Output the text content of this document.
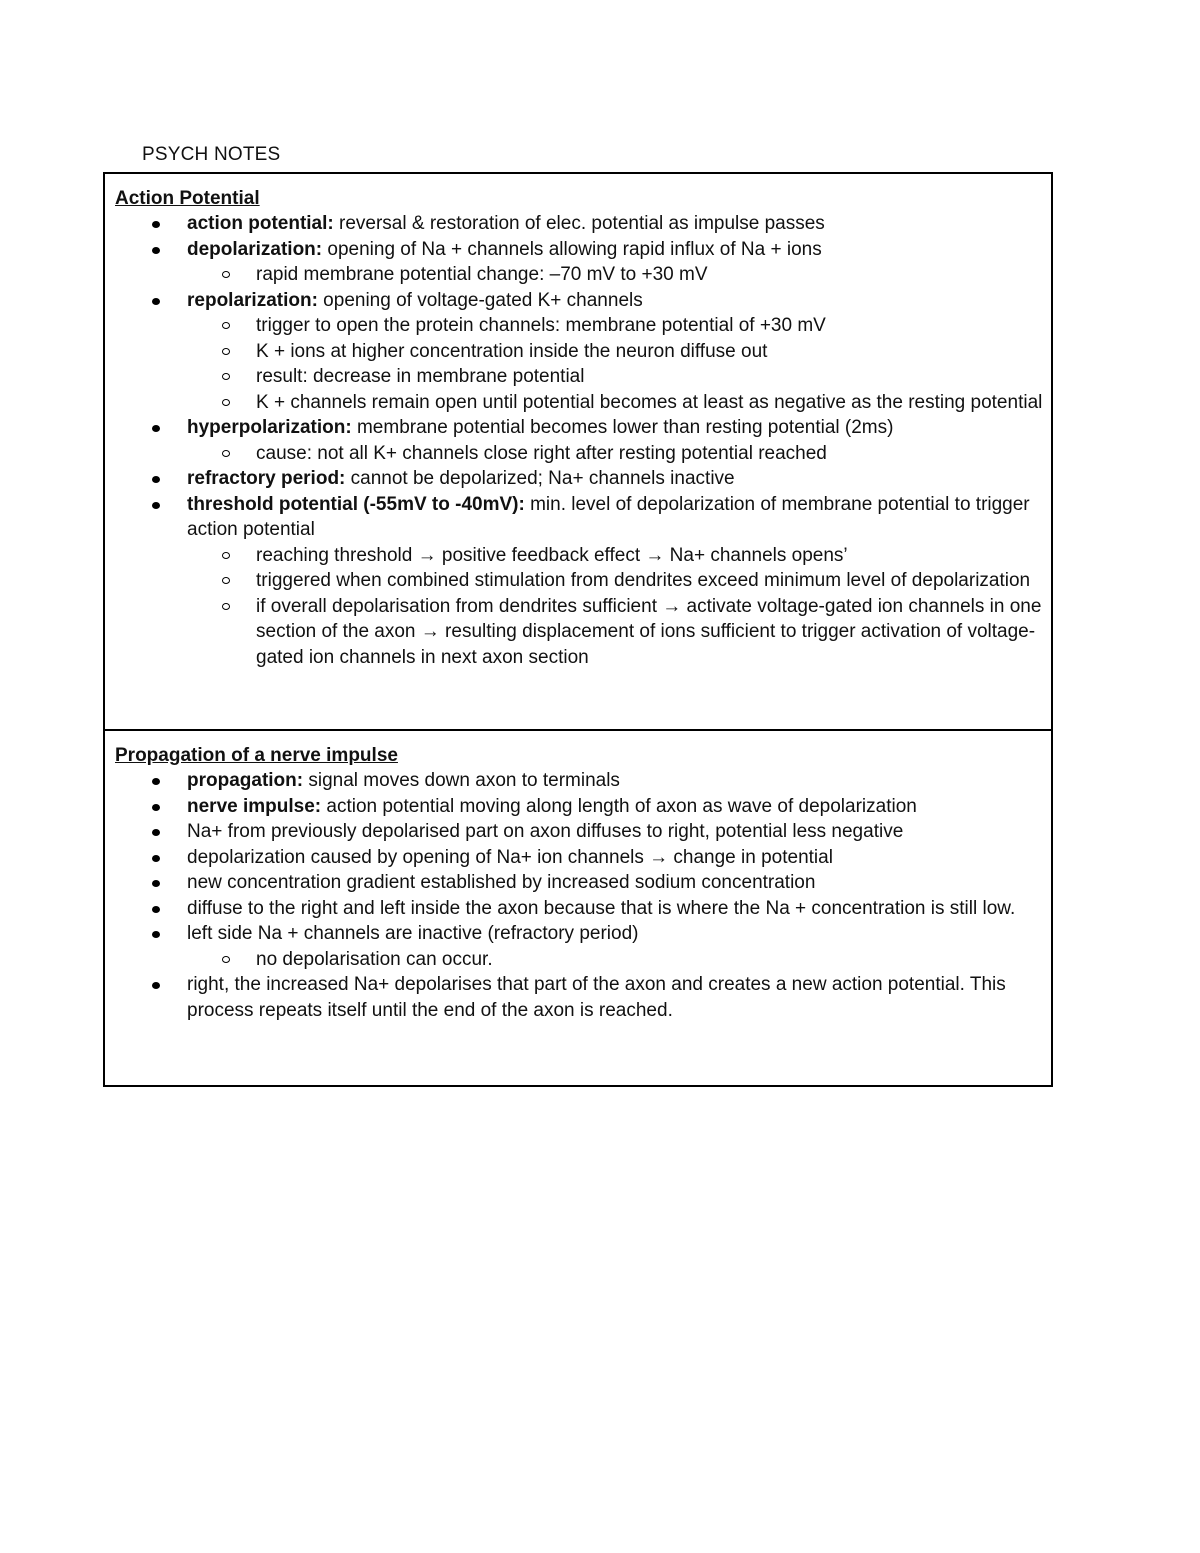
PSYCH NOTES

Action Potential

action potential: reversal & restoration of elec. potential as impulse passes
depolarization: opening of Na + channels allowing rapid influx of Na + ions
rapid membrane potential change: –70 mV to +30 mV
repolarization: opening of voltage-gated K+ channels
trigger to open the protein channels: membrane potential of +30 mV
K + ions at higher concentration inside the neuron diffuse out
result: decrease in membrane potential
K + channels remain open until potential becomes at least as negative as the resting potential
hyperpolarization: membrane potential becomes lower than resting potential (2ms)
cause: not all K+ channels close right after resting potential reached
refractory period: cannot be depolarized; Na+ channels inactive
threshold potential (-55mV to -40mV): min. level of depolarization of membrane potential to trigger action potential
reaching threshold → positive feedback effect → Na+ channels opens’
triggered when combined stimulation from dendrites exceed minimum level of depolarization
if overall depolarisation from dendrites sufficient → activate voltage-gated ion channels in one section of the axon → resulting displacement of ions sufficient to trigger activation of voltage-gated ion channels in next axon section

Propagation of a nerve impulse

propagation: signal moves down axon to terminals
nerve impulse: action potential moving along length of axon as wave of depolarization
Na+ from previously depolarised part on axon diffuses to right, potential less negative
depolarization caused by opening of Na+ ion channels → change in potential
new concentration gradient established by increased sodium concentration
diffuse to the right and left inside the axon because that is where the Na + concentration is still low.
left side Na + channels are inactive (refractory period)
no depolarisation can occur.
right, the increased Na+ depolarises that part of the axon and creates a new action potential. This process repeats itself until the end of the axon is reached.
